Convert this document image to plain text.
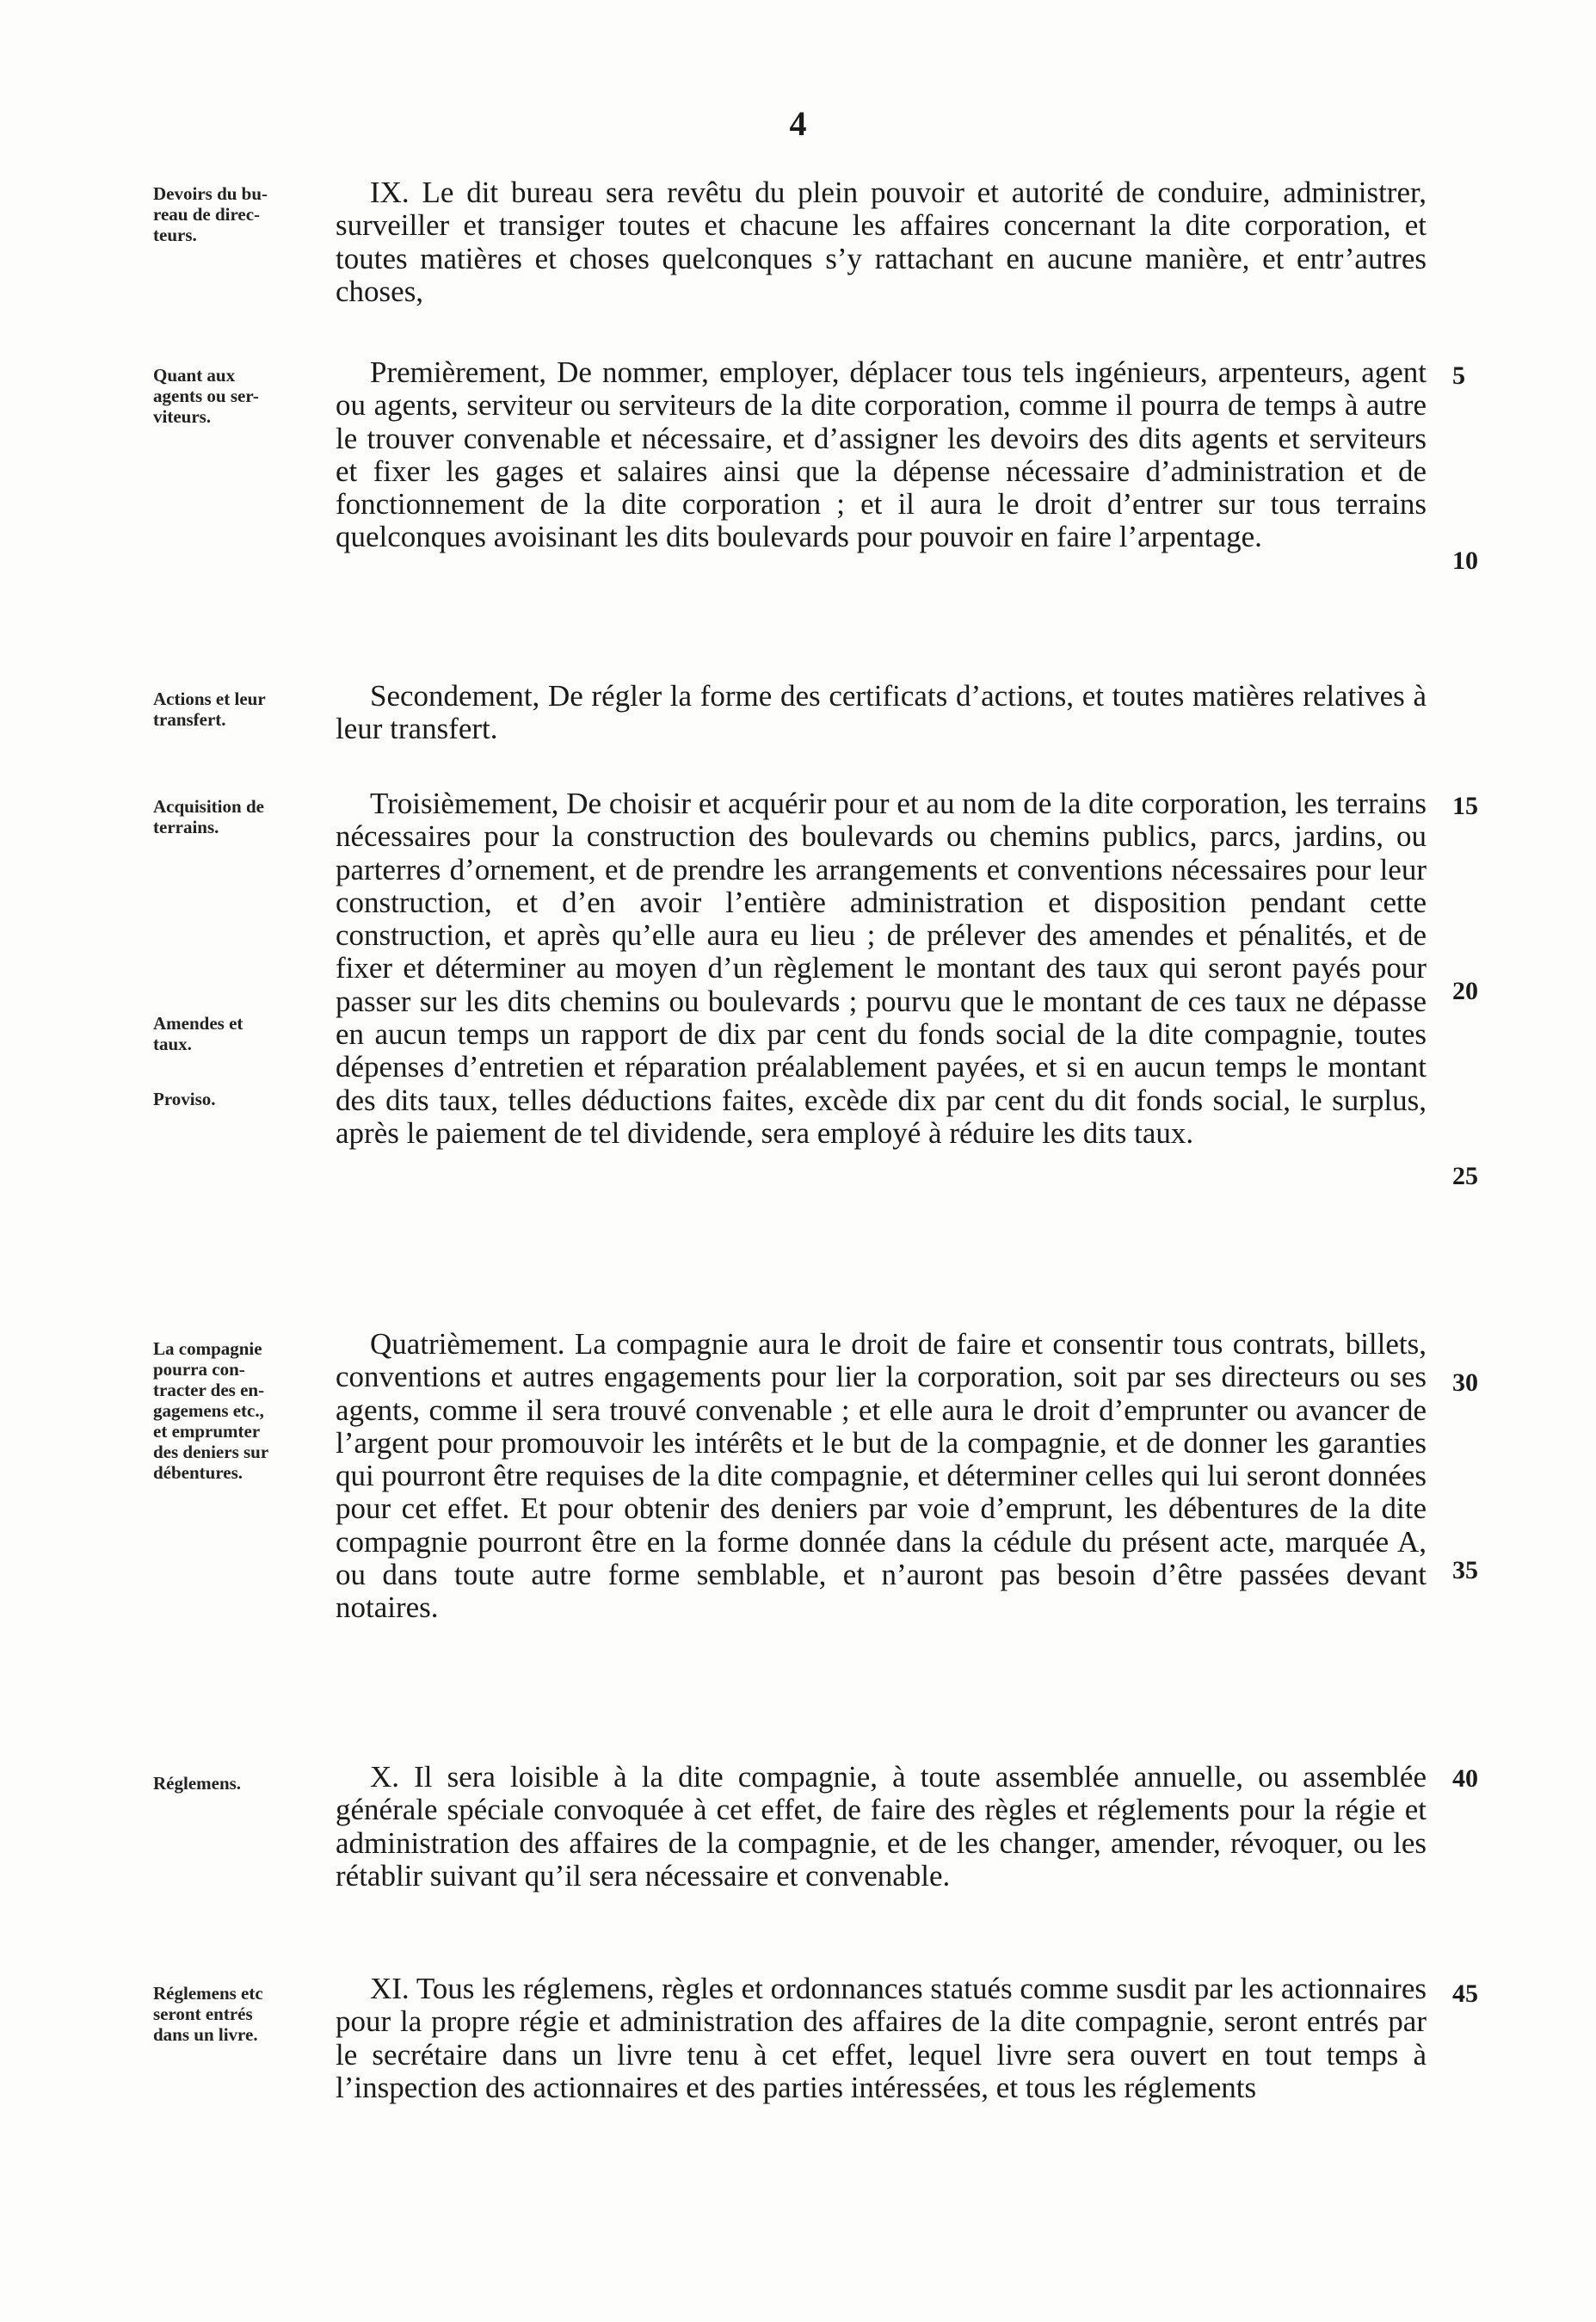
4
Devoirs du bu-
reau de direc-
teurs.

IX. Le dit bureau sera revêtu du plein pouvoir et autorité de conduire, administrer, surveiller et transiger toutes et chacune les affaires concernant la dite corporation, et toutes matières et choses quelconques s’y rattachant en aucune manière, et entr’autres choses,

Quant aux
agents ou ser-
viteurs.

Premièrement, De nommer, employer, déplacer tous tels ingénieurs, arpenteurs, agent ou agents, serviteur ou serviteurs de la dite corporation, comme il pourra de temps à autre le trouver convenable et nécessaire, et d’assigner les devoirs des dits agents et serviteurs et fixer les gages et salaires ainsi que la dépense nécessaire d’administration et de fonctionnement de la dite corporation ; et il aura le droit d’entrer sur tous terrains quelconques avoisinant les dits boulevards pour pouvoir en faire l’arpentage.

Actions et leur
transfert.

Secondement, De régler la forme des certificats d’actions, et toutes matières relatives à leur transfert.

Acquisition de
terrains.
Amendes et
taux.
Proviso.

Troisièmement, De choisir et acquérir pour et au nom de la dite corporation, les terrains nécessaires pour la construction des boulevards ou chemins publics, parcs, jardins, ou parterres d’ornement, et de prendre les arrangements et conventions nécessaires pour leur construction, et d’en avoir l’entière administration et disposition pendant cette construction, et après qu’elle aura eu lieu ; de prélever des amendes et pénalités, et de fixer et déterminer au moyen d’un règlement le montant des taux qui seront payés pour passer sur les dits chemins ou boulevards ; pourvu que le montant de ces taux ne dépasse en aucun temps un rapport de dix par cent du fonds social de la dite compagnie, toutes dépenses d’entretien et réparation préalablement payées, et si en aucun temps le montant des dits taux, telles déductions faites, excède dix par cent du dit fonds social, le surplus, après le paiement de tel dividende, sera employé à réduire les dits taux.

La compagnie
pourra con-
tracter des en-
gagemens etc.,
et emprumter
des deniers sur
débentures.

Quatrièmement. La compagnie aura le droit de faire et consentir tous contrats, billets, conventions et autres engagements pour lier la corporation, soit par ses directeurs ou ses agents, comme il sera trouvé convenable ; et elle aura le droit d’emprunter ou avancer de l’argent pour promouvoir les intérêts et le but de la compagnie, et de donner les garanties qui pourront être requises de la dite compagnie, et déterminer celles qui lui seront données pour cet effet. Et pour obtenir des deniers par voie d’emprunt, les débentures de la dite compagnie pourront être en la forme donnée dans la cédule du présent acte, marquée A, ou dans toute autre forme semblable, et n’auront pas besoin d’être passées devant notaires.

Réglemens.	X. Il sera loisible à la dite compagnie, à toute assemblée annuelle, ou assemblée générale spéciale convoquée à cet effet, de faire des règles et réglements pour la régie et administration des affaires de la compagnie, et de les changer, amender, révoquer, ou les rétablir suivant qu’il sera nécessaire et convenable.

Réglemens etc
seront entrés
dans un livre.

XI. Tous les réglemens, règles et ordonnances statués comme susdit par les actionnaires pour la propre régie et administration des affaires de la dite compagnie, seront entrés par le secrétaire dans un livre tenu à cet effet, lequel livre sera ouvert en tout temps à l’inspection des actionnaires et des parties intéressées, et tous les réglements

5
10
15
20
25
30
35
40
45
